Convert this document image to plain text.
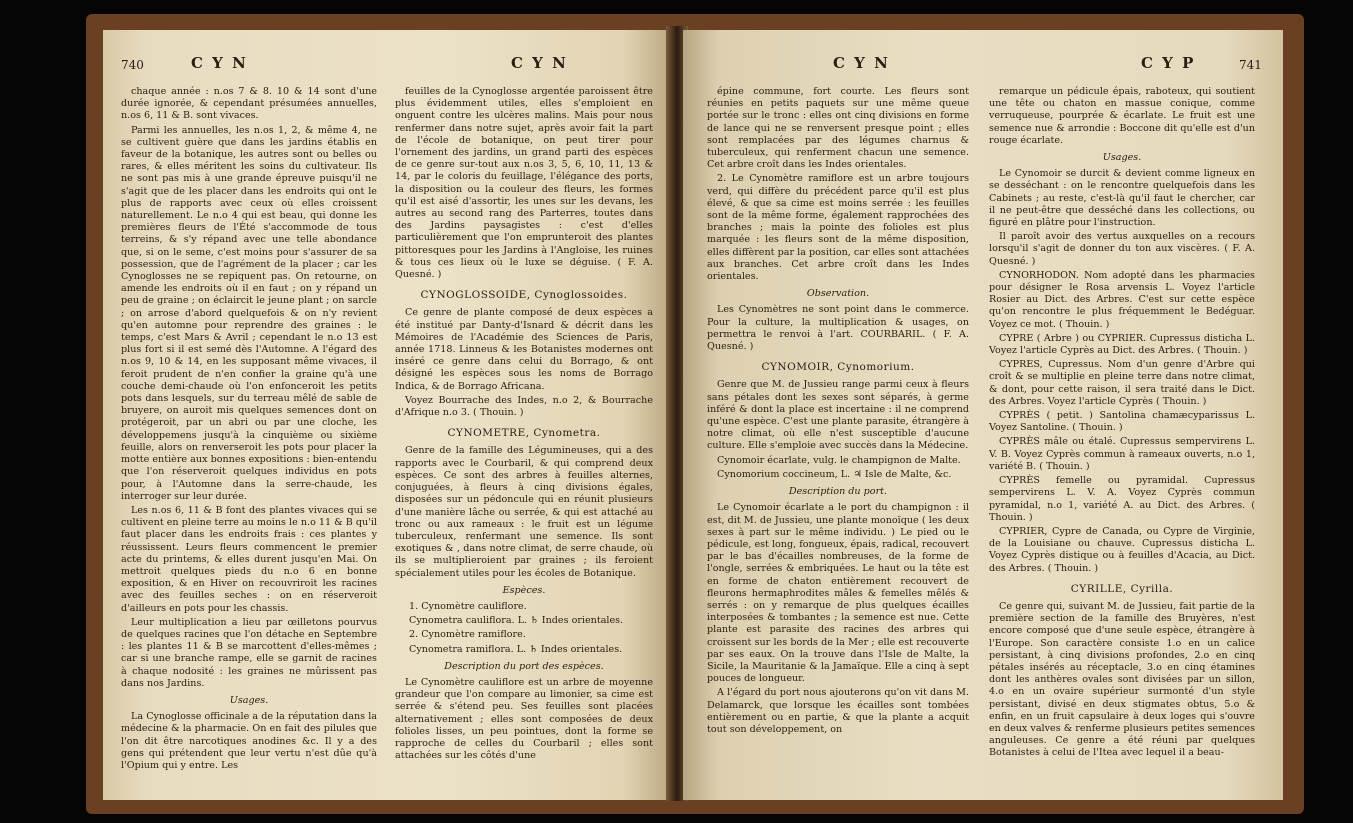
740	C Y N	C Y N

chaque année : n.os 7 & 8. 10 & 14 sont d'une durée ignorée, & cependant présumées annuelles, n.os 6, 11 & B. sont vivaces.

Parmi les annuelles, les n.os 1, 2, & même 4, ne se cultivent guère que dans les jardins établis en faveur de la botanique, les autres sont ou belles ou rares, & elles méritent les soins du cultivateur. Ils ne sont pas mis à une grande épreuve puisqu'il ne s'agit que de les placer dans les endroits qui ont le plus de rapports avec ceux où elles croissent naturellement. Le n.o 4 qui est beau, qui donne les premières fleurs de l'Été s'accommode de tous terreins, & s'y répand avec une telle abondance que, si on le seme, c'est moins pour s'assurer de sa possession, que de l'agrément de la placer ; car les Cynoglosses ne se repiquent pas. On retourne, on amende les endroits où il en faut ; on y répand un peu de graine ; on éclaircit le jeune plant ; on sarcle ; on arrose d'abord quelquefois & on n'y revient qu'en automne pour reprendre des graines : le temps, c'est Mars & Avril ; cependant le n.o 13 est plus fort si il est semé dès l'Automne. A l'égard des n.os 9, 10 & 14, en les supposant même vivaces, il feroit prudent de n'en confier la graine qu'à une couche demi-chaude où l'on enfonceroit les petits pots dans lesquels, sur du terreau mêlé de sable de bruyere, on auroit mis quelques semences dont on protégeroit, par un abri ou par une cloche, les développemens jusqu'à la cinquième ou sixième feuille, alors on renverseroit les pots pour placer la motte entière aux bonnes expositions : bien-entendu que l'on réserveroit quelques individus en pots pour, à l'Automne dans la serre-chaude, les interroger sur leur durée.

Les n.os 6, 11 & B font des plantes vivaces qui se cultivent en pleine terre au moins le n.o 11 & B qu'il faut placer dans les endroits frais : ces plantes y réussissent. Leurs fleurs commencent le premier acte du printems, & elles durent jusqu'en Mai. On mettroit quelques pieds du n.o 6 en bonne exposition, & en Hiver on recouvriroit les racines avec des feuilles seches : on en réserveroit d'ailleurs en pots pour les chassis.

Leur multiplication a lieu par œilletons pourvus de quelques racines que l'on détache en Septembre : les plantes 11 & B se marcottent d'elles-mêmes ; car si une branche rampe, elle se garnit de racines à chaque nodosité : les graines ne mûrissent pas dans nos Jardins.

Usages.

La Cynoglosse officinale a de la réputation dans la médecine & la pharmacie. On en fait des pilules que l'on dit être narcotiques anodines &c. Il y a des gens qui prétendent que leur vertu n'est dûe qu'à l'Opium qui y entre. Les

feuilles de la Cynoglosse argentée paroissent être plus évidemment utiles, elles s'emploient en onguent contre les ulcères malins. Mais pour nous renfermer dans notre sujet, après avoir fait la part de l'école de botanique, on peut tirer pour l'ornement des jardins, un grand parti des espèces de ce genre sur-tout aux n.os 3, 5, 6, 10, 11, 13 & 14, par le coloris du feuillage, l'élégance des ports, la disposition ou la couleur des fleurs, les formes qu'il est aisé d'assortir, les unes sur les devans, les autres au second rang des Parterres, toutes dans des Jardins paysagistes : c'est d'elles particulièrement que l'on emprunteroit des plantes pittoresques pour les Jardins à l'Angloise, les ruines & tous ces lieux où le luxe se déguise. ( F. A. Quesné. )

CYNOGLOSSOIDE, Cynoglossoides.

Ce genre de plante composé de deux espèces a été institué par Danty-d'Isnard & décrit dans les Mémoires de l'Académie des Sciences de Paris, année 1718. Linneus & les Botanistes modernes ont inséré ce genre dans celui du Borrago, & ont désigné les espèces sous les noms de Borrago Indica, & de Borrago Africana.

Voyez Bourrache des Indes, n.o 2, & Bourrache d'Afrique n.o 3. ( Thouin. )

CYNOMETRE, Cynometra.

Genre de la famille des Légumineuses, qui a des rapports avec le Courbaril, & qui comprend deux espèces. Ce sont des arbres à feuilles alternes, conjuguées, à fleurs à cinq divisions égales, disposées sur un pédoncule qui en réunit plusieurs d'une manière lâche ou serrée, & qui est attaché au tronc ou aux rameaux : le fruit est un légume tuberculeux, renfermant une semence. Ils sont exotiques & , dans notre climat, de serre chaude, où ils se multiplieroient par graines ; ils feroient spécialement utiles pour les écoles de Botanique.

Espèces.

1. Cynomètre cauliflore.

Cynometra cauliflora. L. ♄ Indes orientales.

2. Cynomètre ramiflore.

Cynometra ramiflora. L. ♄ Indes orientales.

Description du port des espèces.

Le Cynomètre cauliflore est un arbre de moyenne grandeur que l'on compare au limonier, sa cime est serrée & s'étend peu. Ses feuilles sont placées alternativement ; elles sont composées de deux folioles lisses, un peu pointues, dont la forme se rapproche de celles du Courbaril ; elles sont attachées sur les côtés d'une

C Y N	C Y P	741

épine commune, fort courte. Les fleurs sont réunies en petits paquets sur une même queue portée sur le tronc : elles ont cinq divisions en forme de lance qui ne se renversent presque point ; elles sont remplacées par des légumes charnus & tuberculeux, qui renferment chacun une semence. Cet arbre croît dans les Indes orientales.

2. Le Cynomètre ramiflore est un arbre toujours verd, qui diffère du précédent parce qu'il est plus élevé, & que sa cime est moins serrée : les feuilles sont de la même forme, également rapprochées des branches ; mais la pointe des folioles est plus marquée : les fleurs sont de la même disposition, elles diffèrent par la position, car elles sont attachées aux branches. Cet arbre croît dans les Indes orientales.

Observation.

Les Cynomètres ne sont point dans le commerce. Pour la culture, la multiplication & usages, on permettra le renvoi à l'art. COURBARIL. ( F. A. Quesné. )

CYNOMOIR, Cynomorium.

Genre que M. de Jussieu range parmi ceux à fleurs sans pétales dont les sexes sont séparés, à germe inféré & dont la place est incertaine : il ne comprend qu'une espèce. C'est une plante parasite, étrangère à notre climat, où elle n'est susceptible d'aucune culture. Elle s'emploie avec succès dans la Médecine.

Cynomoir écarlate, vulg. le champignon de Malte.

Cynomorium coccineum, L. ♃ Isle de Malte, &c.

Description du port.

Le Cynomoir écarlate a le port du champignon : il est, dit M. de Jussieu, une plante monoïque ( les deux sexes à part sur le même individu. ) Le pied ou le pédicule, est long, fongueux, épais, radical, recouvert par le bas d'écailles nombreuses, de la forme de l'ongle, serrées & embriquées. Le haut ou la tête est en forme de chaton entièrement recouvert de fleurons hermaphrodites mâles & femelles mêlés & serrés : on y remarque de plus quelques écailles interposées & tombantes ; la semence est nue. Cette plante est parasite des racines des arbres qui croissent sur les bords de la Mer ; elle est recouverte par ses eaux. On la trouve dans l'Isle de Malte, la Sicile, la Mauritanie & la Jamaïque. Elle a cinq à sept pouces de longueur.

A l'égard du port nous ajouterons qu'on vit dans M. Delamarck, que lorsque les écailles sont tombées entièrement ou en partie, & que la plante a acquit tout son développement, on

remarque un pédicule épais, raboteux, qui soutient une tête ou chaton en massue conique, comme verruqueuse, pourprée & écarlate. Le fruit est une semence nue & arrondie : Boccone dit qu'elle est d'un rouge écarlate.

Usages.

Le Cynomoir se durcit & devient comme ligneux en se desséchant : on le rencontre quelquefois dans les Cabinets ; au reste, c'est-là qu'il faut le chercher, car il ne peut-être que desséché dans les collections, ou figuré en plâtre pour l'instruction.

Il paroît avoir des vertus auxquelles on a recours lorsqu'il s'agit de donner du ton aux viscères. ( F. A. Quesné. )

CYNORHODON. Nom adopté dans les pharmacies pour désigner le Rosa arvensis L. Voyez l'article Rosier au Dict. des Arbres. C'est sur cette espèce qu'on rencontre le plus fréquemment le Bedéguar. Voyez ce mot. ( Thouin. )

CYPRE ( Arbre ) ou CYPRIER. Cupressus disticha L. Voyez l'article Cyprès au Dict. des Arbres. ( Thouin. )

CYPRES, Cupressus. Nom d'un genre d'Arbre qui croît & se multiplie en pleine terre dans notre climat, & dont, pour cette raison, il sera traité dans le Dict. des Arbres. Voyez l'article Cyprès ( Thouin. )

CYPRÈS ( petit. ) Santolina chamæcyparissus L. Voyez Santoline. ( Thouin. )

CYPRÈS mâle ou étalé. Cupressus sempervirens L. V. B. Voyez Cyprès commun à rameaux ouverts, n.o 1, variété B. ( Thouin. )

CYPRÈS femelle ou pyramidal. Cupressus sempervirens L. V. A. Voyez Cyprès commun pyramidal, n.o 1, variété A. au Dict. des Arbres. ( Thouin. )

CYPRIER, Cypre de Canada, ou Cypre de Virginie, de la Louisiane ou chauve. Cupressus disticha L. Voyez Cyprès distique ou à feuilles d'Acacia, au Dict. des Arbres. ( Thouin. )

CYRILLE, Cyrilla.

Ce genre qui, suivant M. de Jussieu, fait partie de la première section de la famille des Bruyères, n'est encore composé que d'une seule espèce, étrangère à l'Europe. Son caractère consiste 1.o en un calice persistant, à cinq divisions profondes, 2.o en cinq pétales insérés au réceptacle, 3.o en cinq étamines dont les anthères ovales sont divisées par un sillon, 4.o en un ovaire supérieur surmonté d'un style persistant, divisé en deux stigmates obtus, 5.o & enfin, en un fruit capsulaire à deux loges qui s'ouvre en deux valves & renferme plusieurs petites semences anguleuses. Ce genre a été réuni par quelques Botanistes à celui de l'Itea avec lequel il a beau-
